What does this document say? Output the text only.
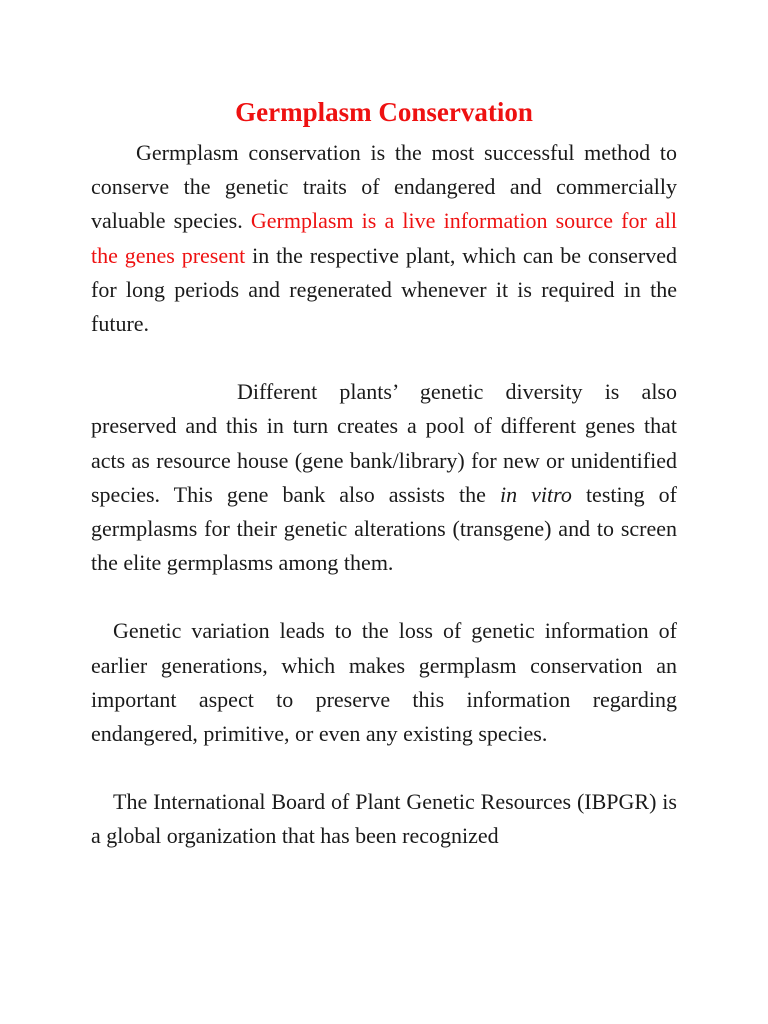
Germplasm Conservation

Germplasm conservation is the most successful method to conserve the genetic traits of endangered and commercially valuable species. Germplasm is a live information source for all the genes present in the respective plant, which can be conserved for long periods and regenerated whenever it is required in the future.

Different plants’ genetic diversity is also preserved and this in turn creates a pool of different genes that acts as resource house (gene bank/library) for new or unidentified species. This gene bank also assists the in vitro testing of germplasms for their genetic alterations (transgene) and to screen the elite germplasms among them.

Genetic variation leads to the loss of genetic information of earlier generations, which makes germplasm conservation an important aspect to preserve this information regarding endangered, primitive, or even any existing species.

The International Board of Plant Genetic Resources (IBPGR) is a global organization that has been recognized
